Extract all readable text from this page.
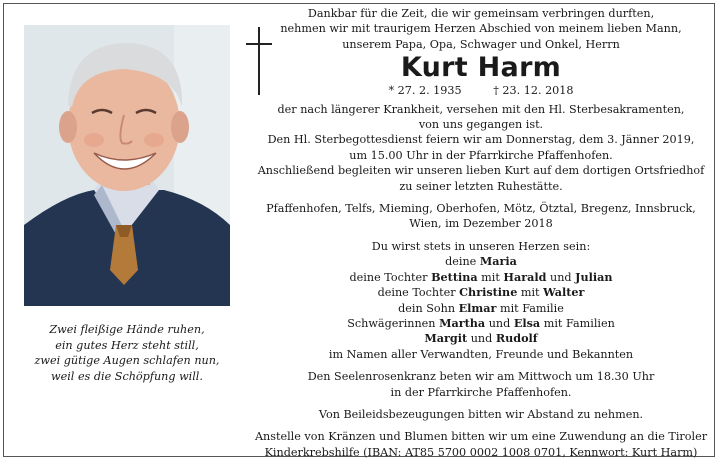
Zwei fleißige Hände ruhen,
ein gutes Herz steht still,
zwei gütige Augen schlafen nun,
weil es die Schöpfung will.

Dankbar für die Zeit, die wir gemeinsam verbringen durften,

nehmen wir mit traurigem Herzen Abschied von meinem lieben Mann,

unserem Papa, Opa, Schwager und Onkel, Herrn

Kurt Harm
* 27. 2. 1935	† 23. 12. 2018

der nach längerer Krankheit, versehen mit den Hl. Sterbesakramenten,

von uns gegangen ist.

Den Hl. Sterbegottesdienst feiern wir am Donnerstag, dem 3. Jänner 2019,

um 15.00 Uhr in der Pfarrkirche Pfaffenhofen.

Anschließend begleiten wir unseren lieben Kurt auf dem dortigen Ortsfriedhof

zu seiner letzten Ruhestätte.

Pfaffenhofen, Telfs, Mieming, Oberhofen, Mötz, Ötztal, Bregenz, Innsbruck,

Wien, im Dezember 2018

Du wirst stets in unseren Herzen sein:

deine Maria

deine Tochter Bettina mit Harald und Julian

deine Tochter Christine mit Walter

dein Sohn Elmar mit Familie

Schwägerinnen Martha und Elsa mit Familien

Margit und Rudolf

im Namen aller Verwandten, Freunde und Bekannten

Den Seelenrosenkranz beten wir am Mittwoch um 18.30 Uhr

in der Pfarrkirche Pfaffenhofen.

Von Beileidsbezeugungen bitten wir Abstand zu nehmen.

Anstelle von Kränzen und Blumen bitten wir um eine Zuwendung an die Tiroler

Kinderkrebshilfe (IBAN: AT85 5700 0002 1008 0701, Kennwort: Kurt Harm)
